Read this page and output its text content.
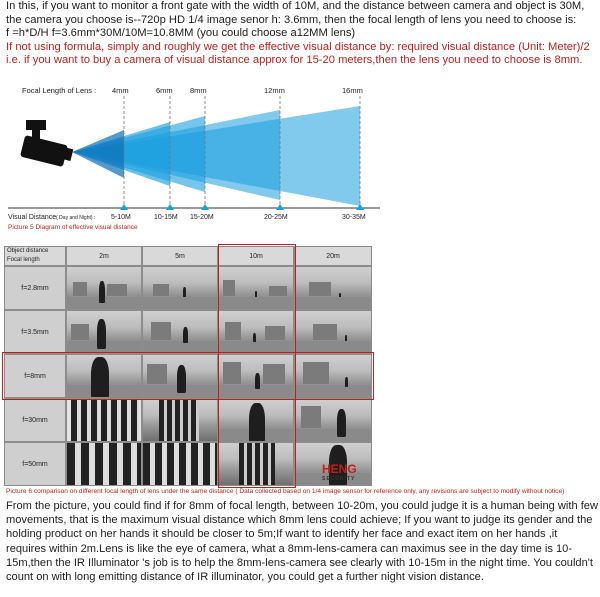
In this, if you want to monitor a front gate with the width of 10M, and the distance between camera and object is 30M,

the camera you choose is--720p HD 1/4 image senor h: 3.6mm, then the focal length of lens you need to choose is:

f =h*D/H f=3.6mm*30M/10M=10.8MM (you could choose a12MM lens)

If not using formula, simply and roughly we get the effective visual distance by: required visual distance (Unit: Meter)/2

i.e. if you want to buy a camera of visual distance approx for 15-20 meters,then the lens you need to choose is 8mm.

Focal Length of Lens : 4mm	6mm 8mm	12mm	16mm
Visual Distance( Day and Night) : 5-10M	10-15M 15-20M	20-25M	30-35M
Picture 5 Diagram of effective visual distance
Object distance
Focal length	2m	5m	10m	20m
f=2.8mm
f=3.5mm
f=8mm
f=30mm
f=50mm	HENG
SECURITY
Picture 6 comparison on different focal length of lens under the same distance ( Data collected based on 1/4 image sensor for reference only, any revisions are subject to modify without notice)

From the picture, you could find if for 8mm of focal length, between 10-20m, you could judge it is a human being with few movements, that is the maximum visual distance which 8mm lens could achieve; If you want to judge its gender and the holding product on her hands it should be closer to 5m;If want to identify her face and exact item on her hands ,it requires within 2m.Lens is like the eye of camera, what a 8mm-lens-camera can maximus see in the day time is 10-15m,then the IR Illuminator 's job is to help the 8mm-lens-camera see clearly with 10-15m in the night time. You couldn't count on with long emitting distance of IR illuminator, you could get a further night vision distance.
